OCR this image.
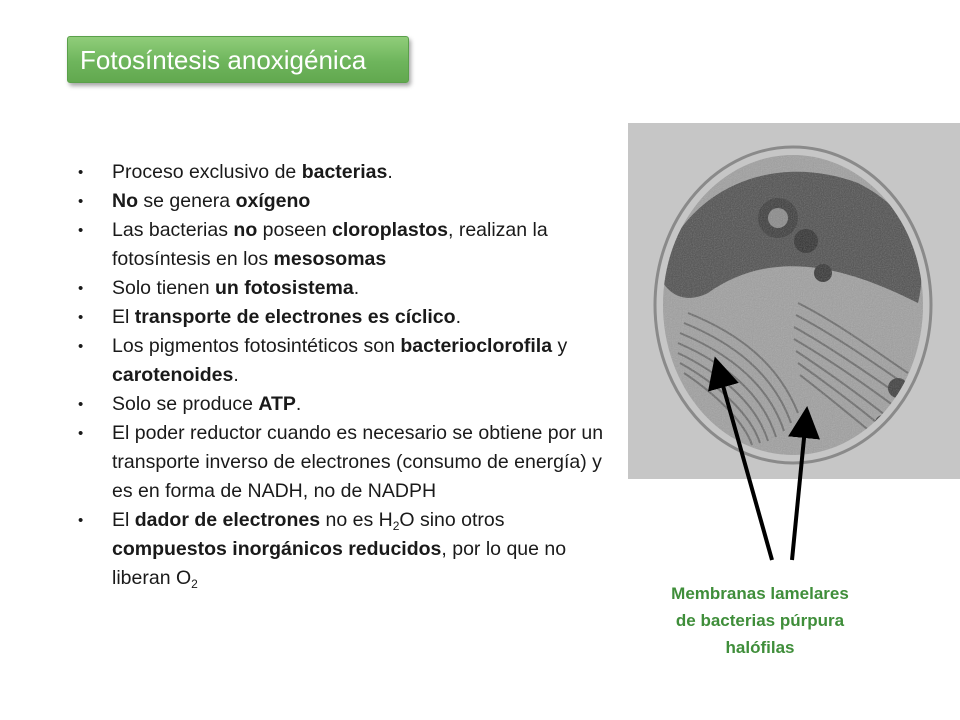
Fotosíntesis anoxigénica
• Proceso exclusivo de bacterias.
• No se genera oxígeno
• Las bacterias no poseen cloroplastos, realizan la fotosíntesis en los mesosomas
• Solo tienen un fotosistema.
• El transporte de electrones es cíclico.
• Los pigmentos fotosintéticos son bacterioclorofila y carotenoides.
• Solo se produce ATP.
• El poder reductor cuando es necesario se obtiene por un transporte inverso de electrones (consumo de energía) y es en forma de NADH, no de NADPH
• El dador de electrones no es $H_2O$ sino otros compuestos inorgánicos reducidos, por lo que no liberan $O_2$	Membranas lamelares
de bacterias púrpura
halófilas
